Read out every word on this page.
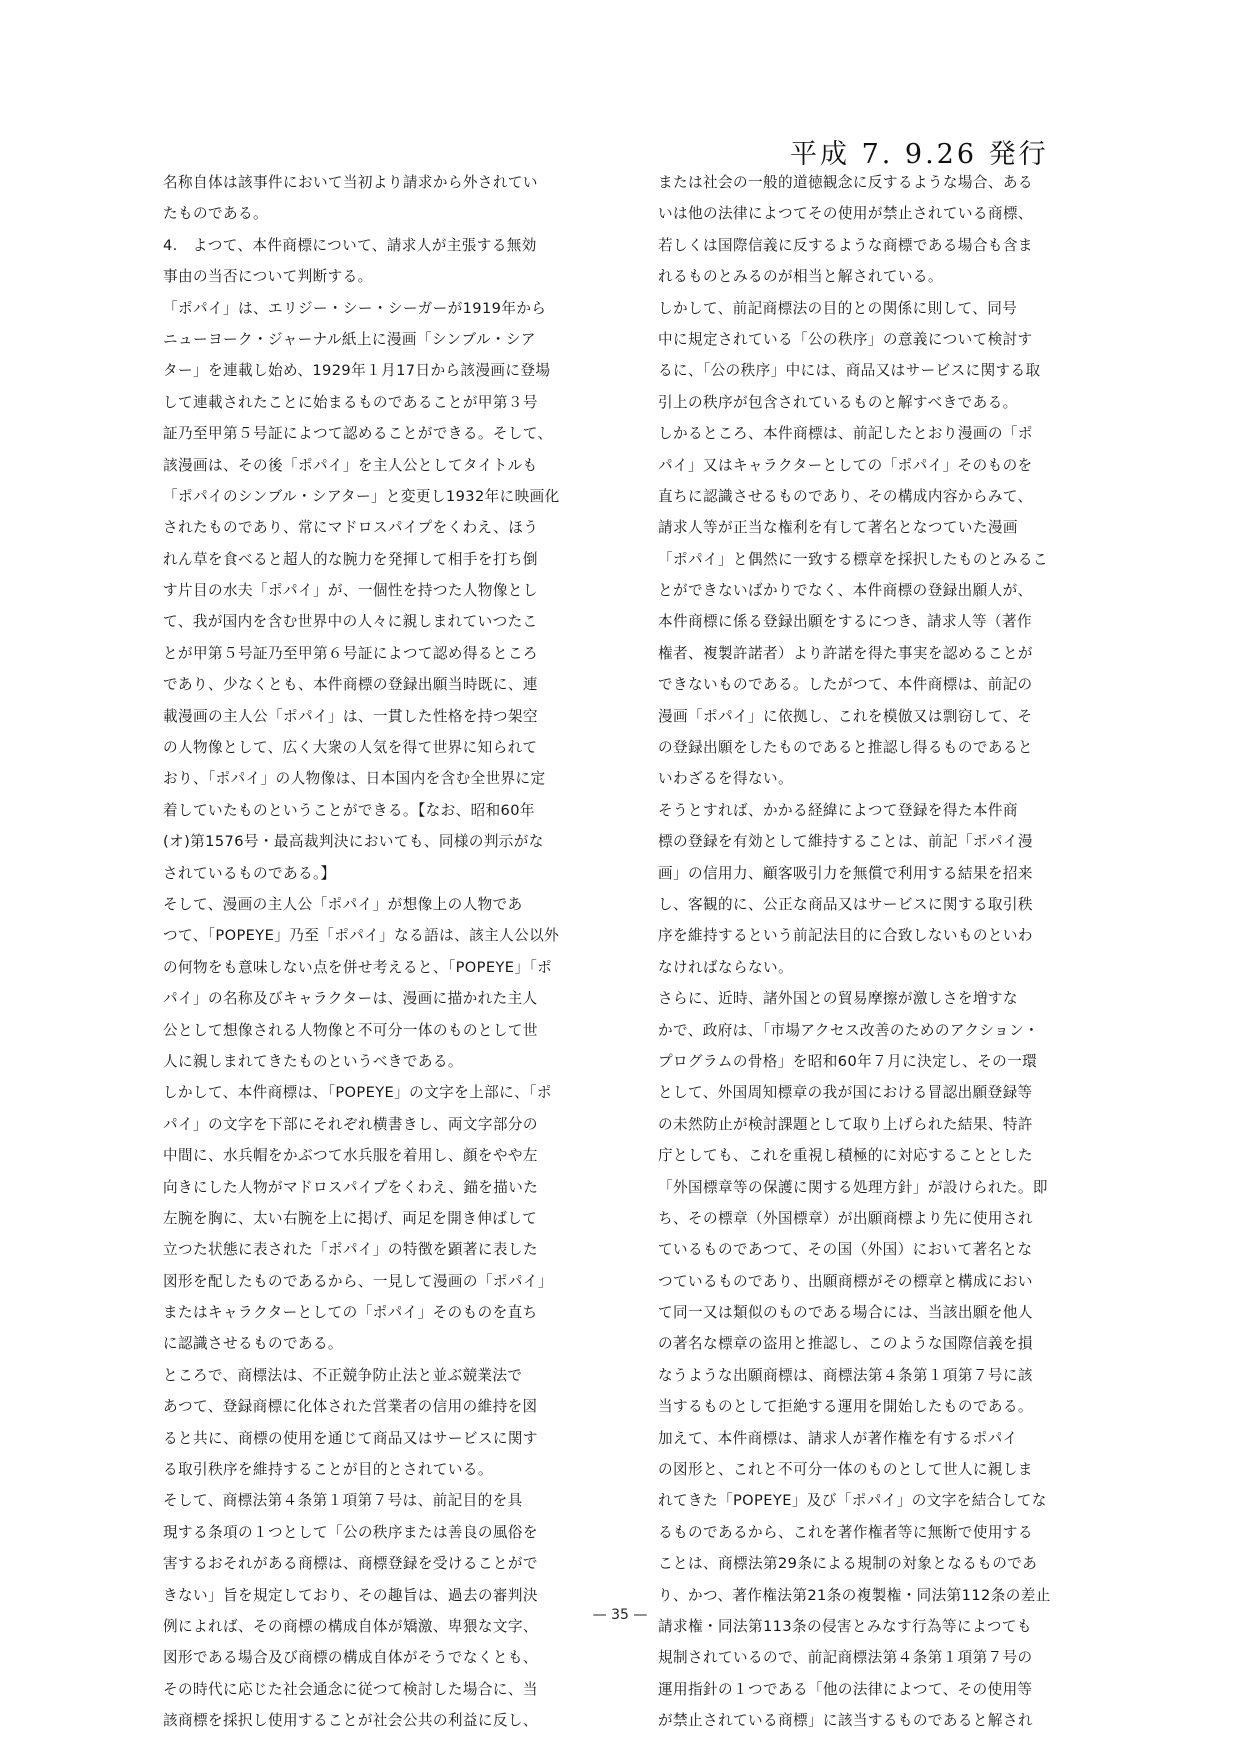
平成 7. 9.26 発行
名称自体は該事件において当初より請求から外されてい
たものである。
4.　よつて、本件商標について、請求人が主張する無効
事由の当否について判断する。
「ポパイ」は、エリジー・シー・シーガーが1919年から
ニューヨーク・ジャーナル紙上に漫画「シンブル・シア
ター」を連載し始め、1929年１月17日から該漫画に登場
して連載されたことに始まるものであることが甲第３号
証乃至甲第５号証によつて認めることができる。そして、
該漫画は、その後「ポパイ」を主人公としてタイトルも
「ポパイのシンブル・シアター」と変更し1932年に映画化
されたものであり、常にマドロスパイプをくわえ、ほう
れん草を食べると超人的な腕力を発揮して相手を打ち倒
す片目の水夫「ポパイ」が、一個性を持つた人物像とし
て、我が国内を含む世界中の人々に親しまれていつたこ
とが甲第５号証乃至甲第６号証によつて認め得るところ
であり、少なくとも、本件商標の登録出願当時既に、連
載漫画の主人公「ポパイ」は、一貫した性格を持つ架空
の人物像として、広く大衆の人気を得て世界に知られて
おり、「ポパイ」の人物像は、日本国内を含む全世界に定
着していたものということができる。【なお、昭和60年
(オ)第1576号・最高裁判決においても、同様の判示がな
されているものである。】
そして、漫画の主人公「ポパイ」が想像上の人物であ
つて、「POPEYE」乃至「ポパイ」なる語は、該主人公以外
の何物をも意味しない点を併せ考えると、「POPEYE」「ポ
パイ」の名称及びキャラクターは、漫画に描かれた主人
公として想像される人物像と不可分一体のものとして世
人に親しまれてきたものというべきである。
しかして、本件商標は、「POPEYE」の文字を上部に、「ポ
パイ」の文字を下部にそれぞれ横書きし、両文字部分の
中間に、水兵帽をかぶつて水兵服を着用し、顔をやや左
向きにした人物がマドロスパイプをくわえ、錨を描いた
左腕を胸に、太い右腕を上に掲げ、両足を開き伸ばして
立つた状態に表された「ポパイ」の特徴を顕著に表した
図形を配したものであるから、一見して漫画の「ポパイ」
またはキャラクターとしての「ポパイ」そのものを直ち
に認識させるものである。
ところで、商標法は、不正競争防止法と並ぶ競業法で
あつて、登録商標に化体された営業者の信用の維持を図
ると共に、商標の使用を通じて商品又はサービスに関す
る取引秩序を維持することが目的とされている。
そして、商標法第４条第１項第７号は、前記目的を具
現する条項の１つとして「公の秩序または善良の風俗を
害するおそれがある商標は、商標登録を受けることがで
きない」旨を規定しており、その趣旨は、過去の審判決
例によれば、その商標の構成自体が矯激、卑猥な文字、
図形である場合及び商標の構成自体がそうでなくとも、
その時代に応じた社会通念に従つて検討した場合に、当
該商標を採択し使用することが社会公共の利益に反し、
または社会の一般的道徳観念に反するような場合、ある
いは他の法律によつてその使用が禁止されている商標、
若しくは国際信義に反するような商標である場合も含ま
れるものとみるのが相当と解されている。
しかして、前記商標法の目的との関係に則して、同号
中に規定されている「公の秩序」の意義について検討す
るに、「公の秩序」中には、商品又はサービスに関する取
引上の秩序が包含されているものと解すべきである。
しかるところ、本件商標は、前記したとおり漫画の「ポ
パイ」又はキャラクターとしての「ポパイ」そのものを
直ちに認識させるものであり、その構成内容からみて、
請求人等が正当な権利を有して著名となつていた漫画
「ポパイ」と偶然に一致する標章を採択したものとみるこ
とができないばかりでなく、本件商標の登録出願人が、
本件商標に係る登録出願をするにつき、請求人等（著作
権者、複製許諾者）より許諾を得た事実を認めることが
できないものである。したがつて、本件商標は、前記の
漫画「ポパイ」に依拠し、これを模倣又は剽窃して、そ
の登録出願をしたものであると推認し得るものであると
いわざるを得ない。
そうとすれば、かかる経緯によつて登録を得た本件商
標の登録を有効として維持することは、前記「ポパイ漫
画」の信用力、顧客吸引力を無償で利用する結果を招来
し、客観的に、公正な商品又はサービスに関する取引秩
序を維持するという前記法目的に合致しないものといわ
なければならない。
さらに、近時、諸外国との貿易摩擦が激しさを増すな
かで、政府は、「市場アクセス改善のためのアクション・
プログラムの骨格」を昭和60年７月に決定し、その一環
として、外国周知標章の我が国における冒認出願登録等
の未然防止が検討課題として取り上げられた結果、特許
庁としても、これを重視し積極的に対応することとした
「外国標章等の保護に関する処理方針」が設けられた。即
ち、その標章（外国標章）が出願商標より先に使用され
ているものであつて、その国（外国）において著名とな
つているものであり、出願商標がその標章と構成におい
て同一又は類似のものである場合には、当該出願を他人
の著名な標章の盗用と推認し、このような国際信義を損
なうような出願商標は、商標法第４条第１項第７号に該
当するものとして拒絶する運用を開始したものである。
加えて、本件商標は、請求人が著作権を有するポパイ
の図形と、これと不可分一体のものとして世人に親しま
れてきた「POPEYE」及び「ポパイ」の文字を結合してな
るものであるから、これを著作権者等に無断で使用する
ことは、商標法第29条による規制の対象となるものであ
り、かつ、著作権法第21条の複製権・同法第112条の差止
請求権・同法第113条の侵害とみなす行為等によつても
規制されているので、前記商標法第４条第１項第７号の
運用指針の１つである「他の法律によつて、その使用等
が禁止されている商標」に該当するものであると解され
— 35 —
